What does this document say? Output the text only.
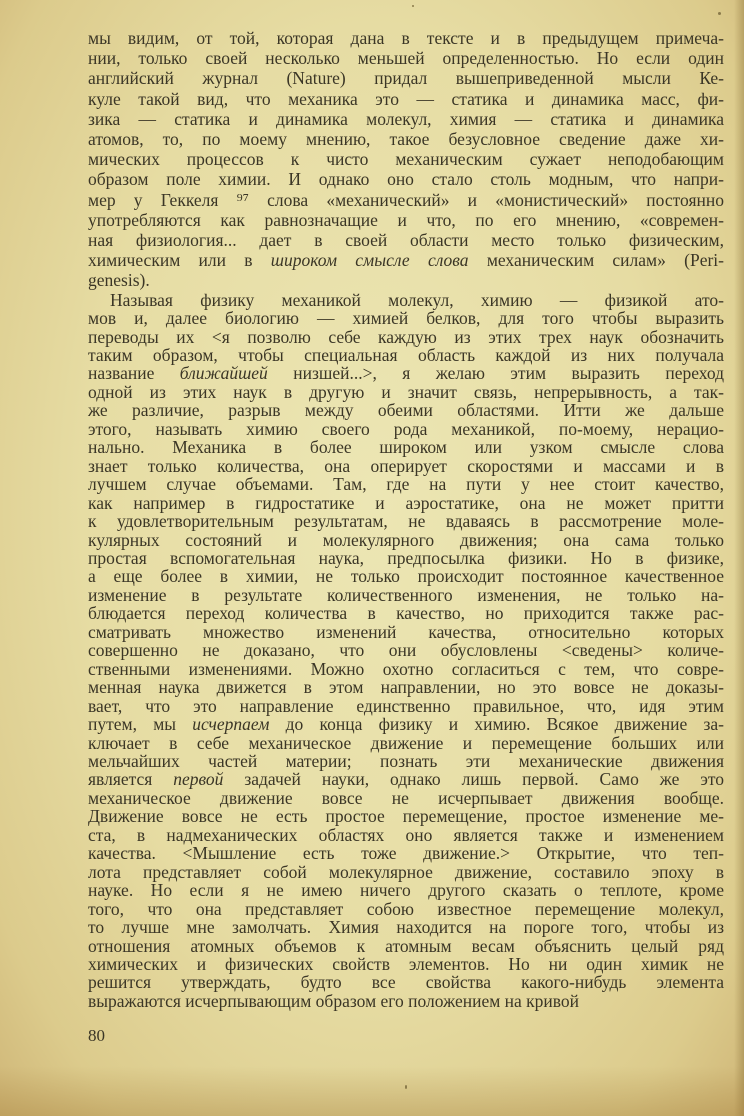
мы видим, от той, которая дана в тексте и в предыдущем примеча-
нии, только своей несколько меньшей определенностью. Но если один
английский журнал (Nature) придал вышеприведенной мысли Ке-
куле такой вид, что механика это — статика и динамика масс, фи-
зика — статика и динамика молекул, химия — статика и динамика
атомов, то, по моему мнению, такое безусловное сведение даже хи-
мических процессов к чисто механическим сужает неподобающим
образом поле химии. И однако оно стало столь модным, что напри-
мер у Геккеля ⁹⁷ слова «механический» и «монистический» постоянно
употребляются как равнозначащие и что, по его мнению, «современ-
ная физиология... дает в своей области место только физическим,
химическим или в широком смысле слова механическим силам» (Peri-
genesis).
Называя физику механикой молекул, химию — физикой ато-
мов и, далее биологию — химией белков, для того чтобы выразить
переводы их <я позволю себе каждую из этих трех наук обозначить
таким образом, чтобы специальная область каждой из них получала
название ближайшей низшей...>, я желаю этим выразить переход
одной из этих наук в другую и значит связь, непрерывность, а так-
же различие, разрыв между обеими областями. Итти же дальше
этого, называть химию своего рода механикой, по-моему, нерацио-
нально. Механика в более широком или узком смысле слова
знает только количества, она оперирует скоростями и массами и в
лучшем случае объемами. Там, где на пути у нее стоит качество,
как например в гидростатике и аэростатике, она не может притти
к удовлетворительным результатам, не вдаваясь в рассмотрение моле-
кулярных состояний и молекулярного движения; она сама только
простая вспомогательная наука, предпосылка физики. Но в физике,
а еще более в химии, не только происходит постоянное качественное
изменение в результате количественного изменения, не только на-
блюдается переход количества в качество, но приходится также рас-
сматривать множество изменений качества, относительно которых
совершенно не доказано, что они обусловлены <сведены> количе-
ственными изменениями. Можно охотно согласиться с тем, что совре-
менная наука движется в этом направлении, но это вовсе не доказы-
вает, что это направление единственно правильное, что, идя этим
путем, мы исчерпаем до конца физику и химию. Всякое движение за-
ключает в себе механическое движение и перемещение больших или
мельчайших частей материи; познать эти механические движения
является первой задачей науки, однако лишь первой. Само же это
механическое движение вовсе не исчерпывает движения вообще.
Движение вовсе не есть простое перемещение, простое изменение ме-
ста, в надмеханических областях оно является также и изменением
качества. <Мышление есть тоже движение.> Открытие, что теп-
лота представляет собой молекулярное движение, составило эпоху в
науке. Но если я не имею ничего другого сказать о теплоте, кроме
того, что она представляет собою известное перемещение молекул,
то лучше мне замолчать. Химия находится на пороге того, чтобы из
отношения атомных объемов к атомным весам объяснить целый ряд
химических и физических свойств элементов. Но ни один химик не
решится утверждать, будто все свойства какого-нибудь элемента
выражаются исчерпывающим образом его положением на кривой
80
